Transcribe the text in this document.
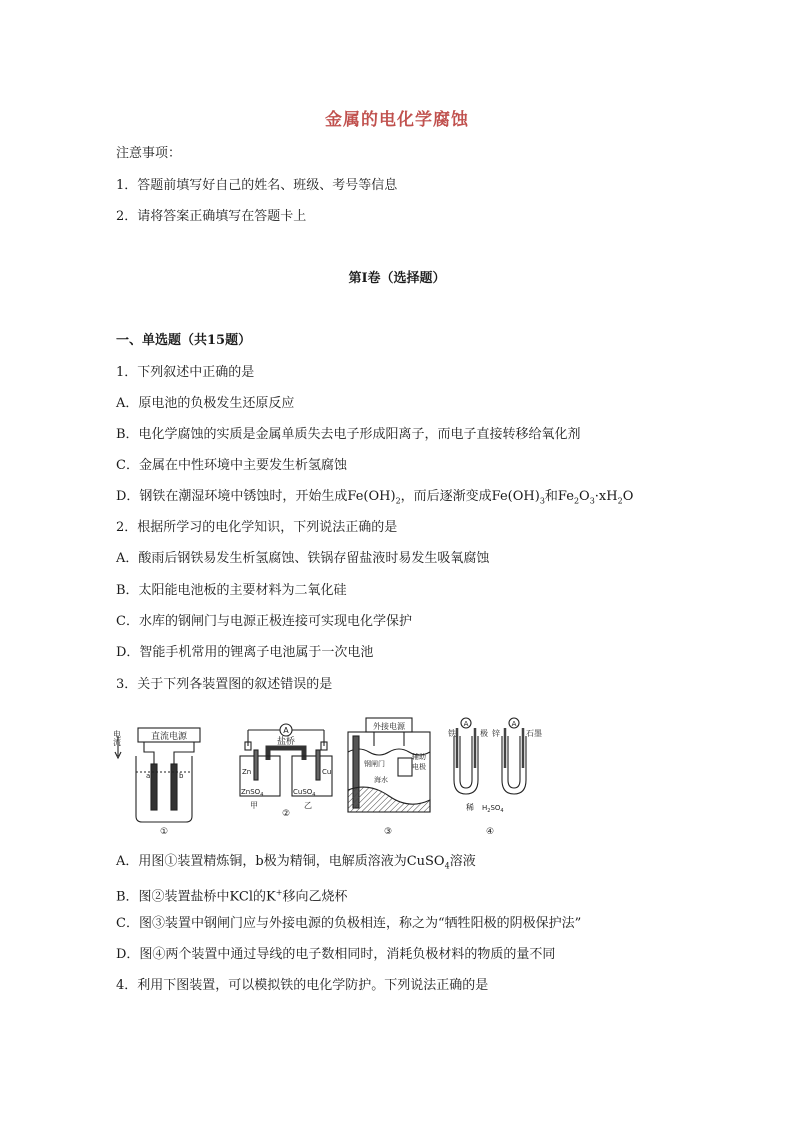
金属的电化学腐蚀
注意事项：
1．答题前填写好自己的姓名、班级、考号等信息
2．请将答案正确填写在答题卡上
第I卷（选择题）
一、单选题（共15题）
1．下列叙述中正确的是
A．原电池的负极发生还原反应
B．电化学腐蚀的实质是金属单质失去电子形成阳离子，而电子直接转移给氧化剂
C．金属在中性环境中主要发生析氢腐蚀
D．钢铁在潮湿环境中锈蚀时，开始生成$Fe(OH)_2$，而后逐渐变成$Fe(OH)_3$和$Fe_2O_3\cdot xH_2O$
2．根据所学习的电化学知识，下列说法正确的是
A．酸雨后钢铁易发生析氢腐蚀、铁锅存留盐液时易发生吸氧腐蚀
B．太阳能电池板的主要材料为二氧化硅
C．水库的钢闸门与电源正极连接可实现电化学保护
D．智能手机常用的锂离子电池属于一次电池
3．关于下列各装置图的叙述错误的是
直流电源
电流
a	b
①
A
盐桥
Zn	Cu
ZnSO$_4$	CuSO$_4$
甲	乙
②
外接电源
辅助
电极
钢闸门
海水
③
A	A
铁	极 锌	石墨
稀 $H_2SO_4$
④
A．用图①装置精炼铜，b极为精铜，电解质溶液为CuSO$_4$溶液
B．图②装置盐桥中KCl的K+移向乙烧杯
C．图③装置中钢闸门应与外接电源的负极相连，称之为“牺牲阳极的阴极保护法”
D．图④两个装置中通过导线的电子数相同时，消耗负极材料的物质的量不同
4．利用下图装置，可以模拟铁的电化学防护。下列说法正确的是
